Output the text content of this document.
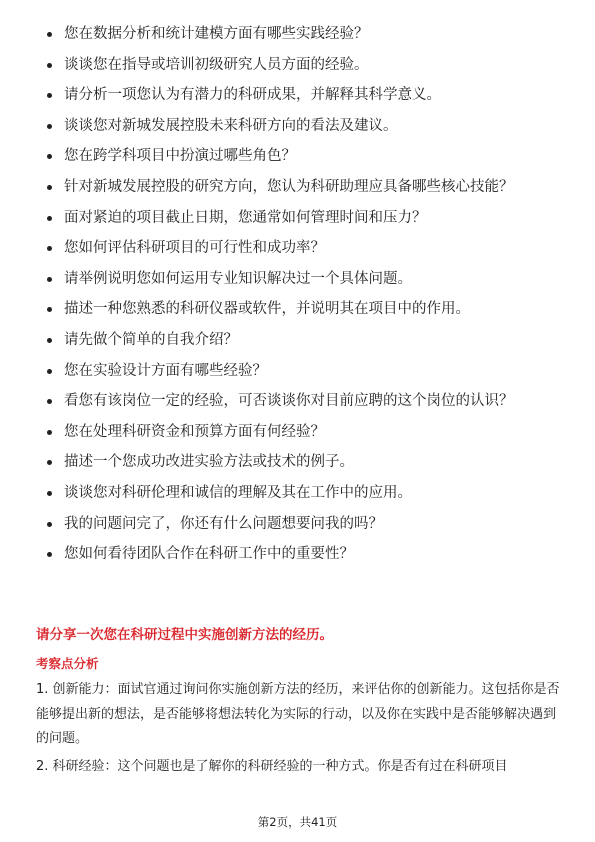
您在数据分析和统计建模方面有哪些实践经验？
谈谈您在指导或培训初级研究人员方面的经验。
请分析一项您认为有潜力的科研成果，并解释其科学意义。
谈谈您对新城发展控股未来科研方向的看法及建议。
您在跨学科项目中扮演过哪些角色？
针对新城发展控股的研究方向，您认为科研助理应具备哪些核心技能？
面对紧迫的项目截止日期，您通常如何管理时间和压力？
您如何评估科研项目的可行性和成功率？
请举例说明您如何运用专业知识解决过一个具体问题。
描述一种您熟悉的科研仪器或软件，并说明其在项目中的作用。
请先做个简单的自我介绍？
您在实验设计方面有哪些经验？
看您有该岗位一定的经验，可否谈谈你对目前应聘的这个岗位的认识？
您在处理科研资金和预算方面有何经验？
描述一个您成功改进实验方法或技术的例子。
谈谈您对科研伦理和诚信的理解及其在工作中的应用。
我的问题问完了，你还有什么问题想要问我的吗？
您如何看待团队合作在科研工作中的重要性？
请分享一次您在科研过程中实施创新方法的经历。
考察点分析

1. 创新能力：面试官通过询问你实施创新方法的经历，来评估你的创新能力。这包括你是否能够提出新的想法，是否能够将想法转化为实际的行动，以及你在实践中是否能够解决遇到的问题。

2. 科研经验：这个问题也是了解你的科研经验的一种方式。你是否有过在科研项目

第2页，共41页
